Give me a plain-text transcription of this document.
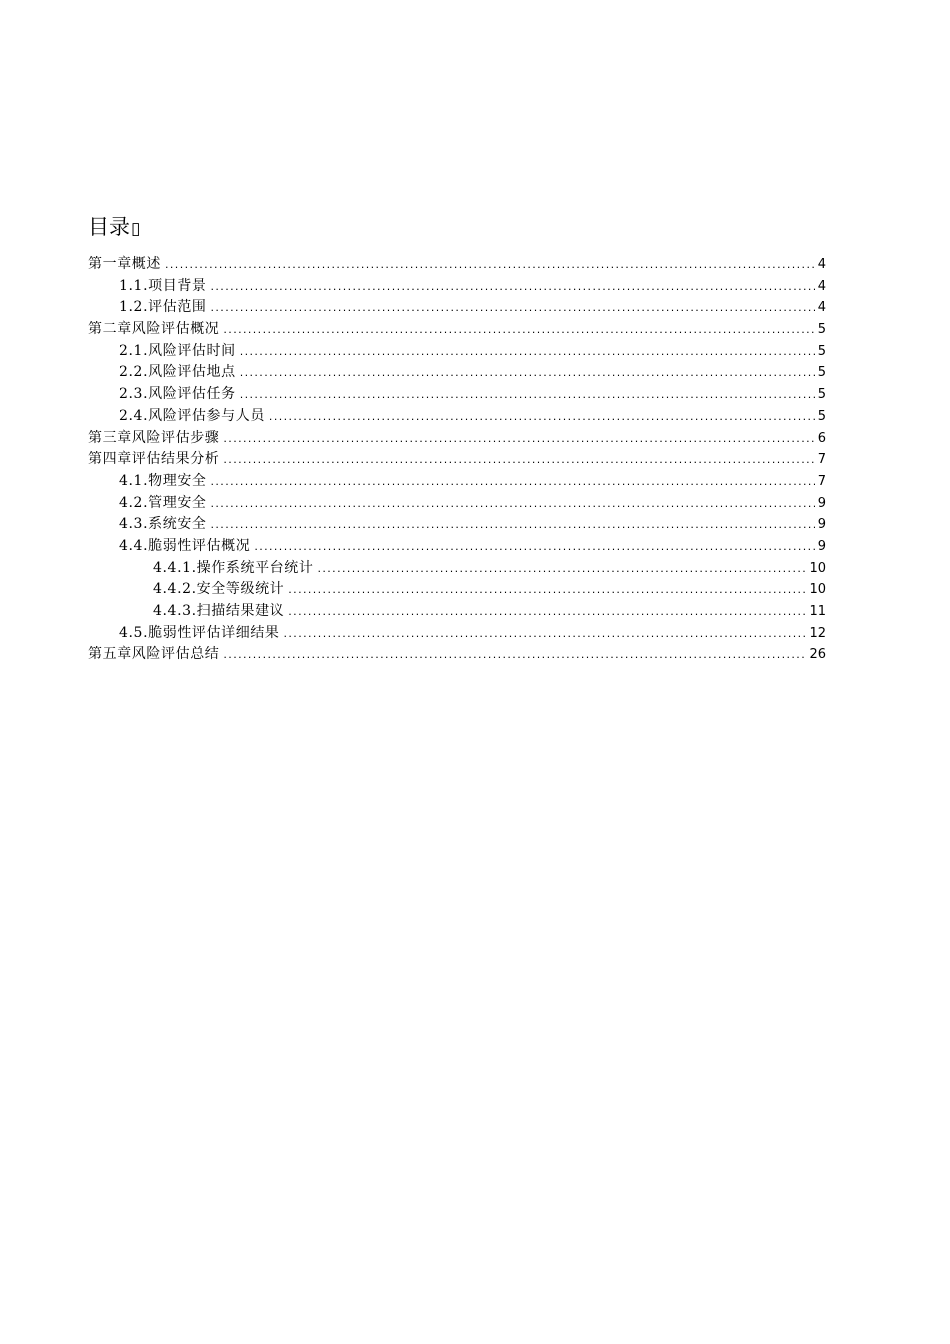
目录▯
第一章概述 .....	4
1.1.项目背景 .....	4
1.2.评估范围 .....	4
第二章风险评估概况 .....	5
2.1.风险评估时间 .....	5
2.2.风险评估地点 .....	5
2.3.风险评估任务 .....	5
2.4.风险评估参与人员 .....	5
第三章风险评估步骤 .....	6
第四章评估结果分析 .....	7
4.1.物理安全 .....	7
4.2.管理安全 .....	9
4.3.系统安全 .....	9
4.4.脆弱性评估概况 .....	9
4.4.1.操作系统平台统计 .....	10
4.4.2.安全等级统计 .....	10
4.4.3.扫描结果建议 .....	11
4.5.脆弱性评估详细结果 .....	12
第五章风险评估总结 .....	26
